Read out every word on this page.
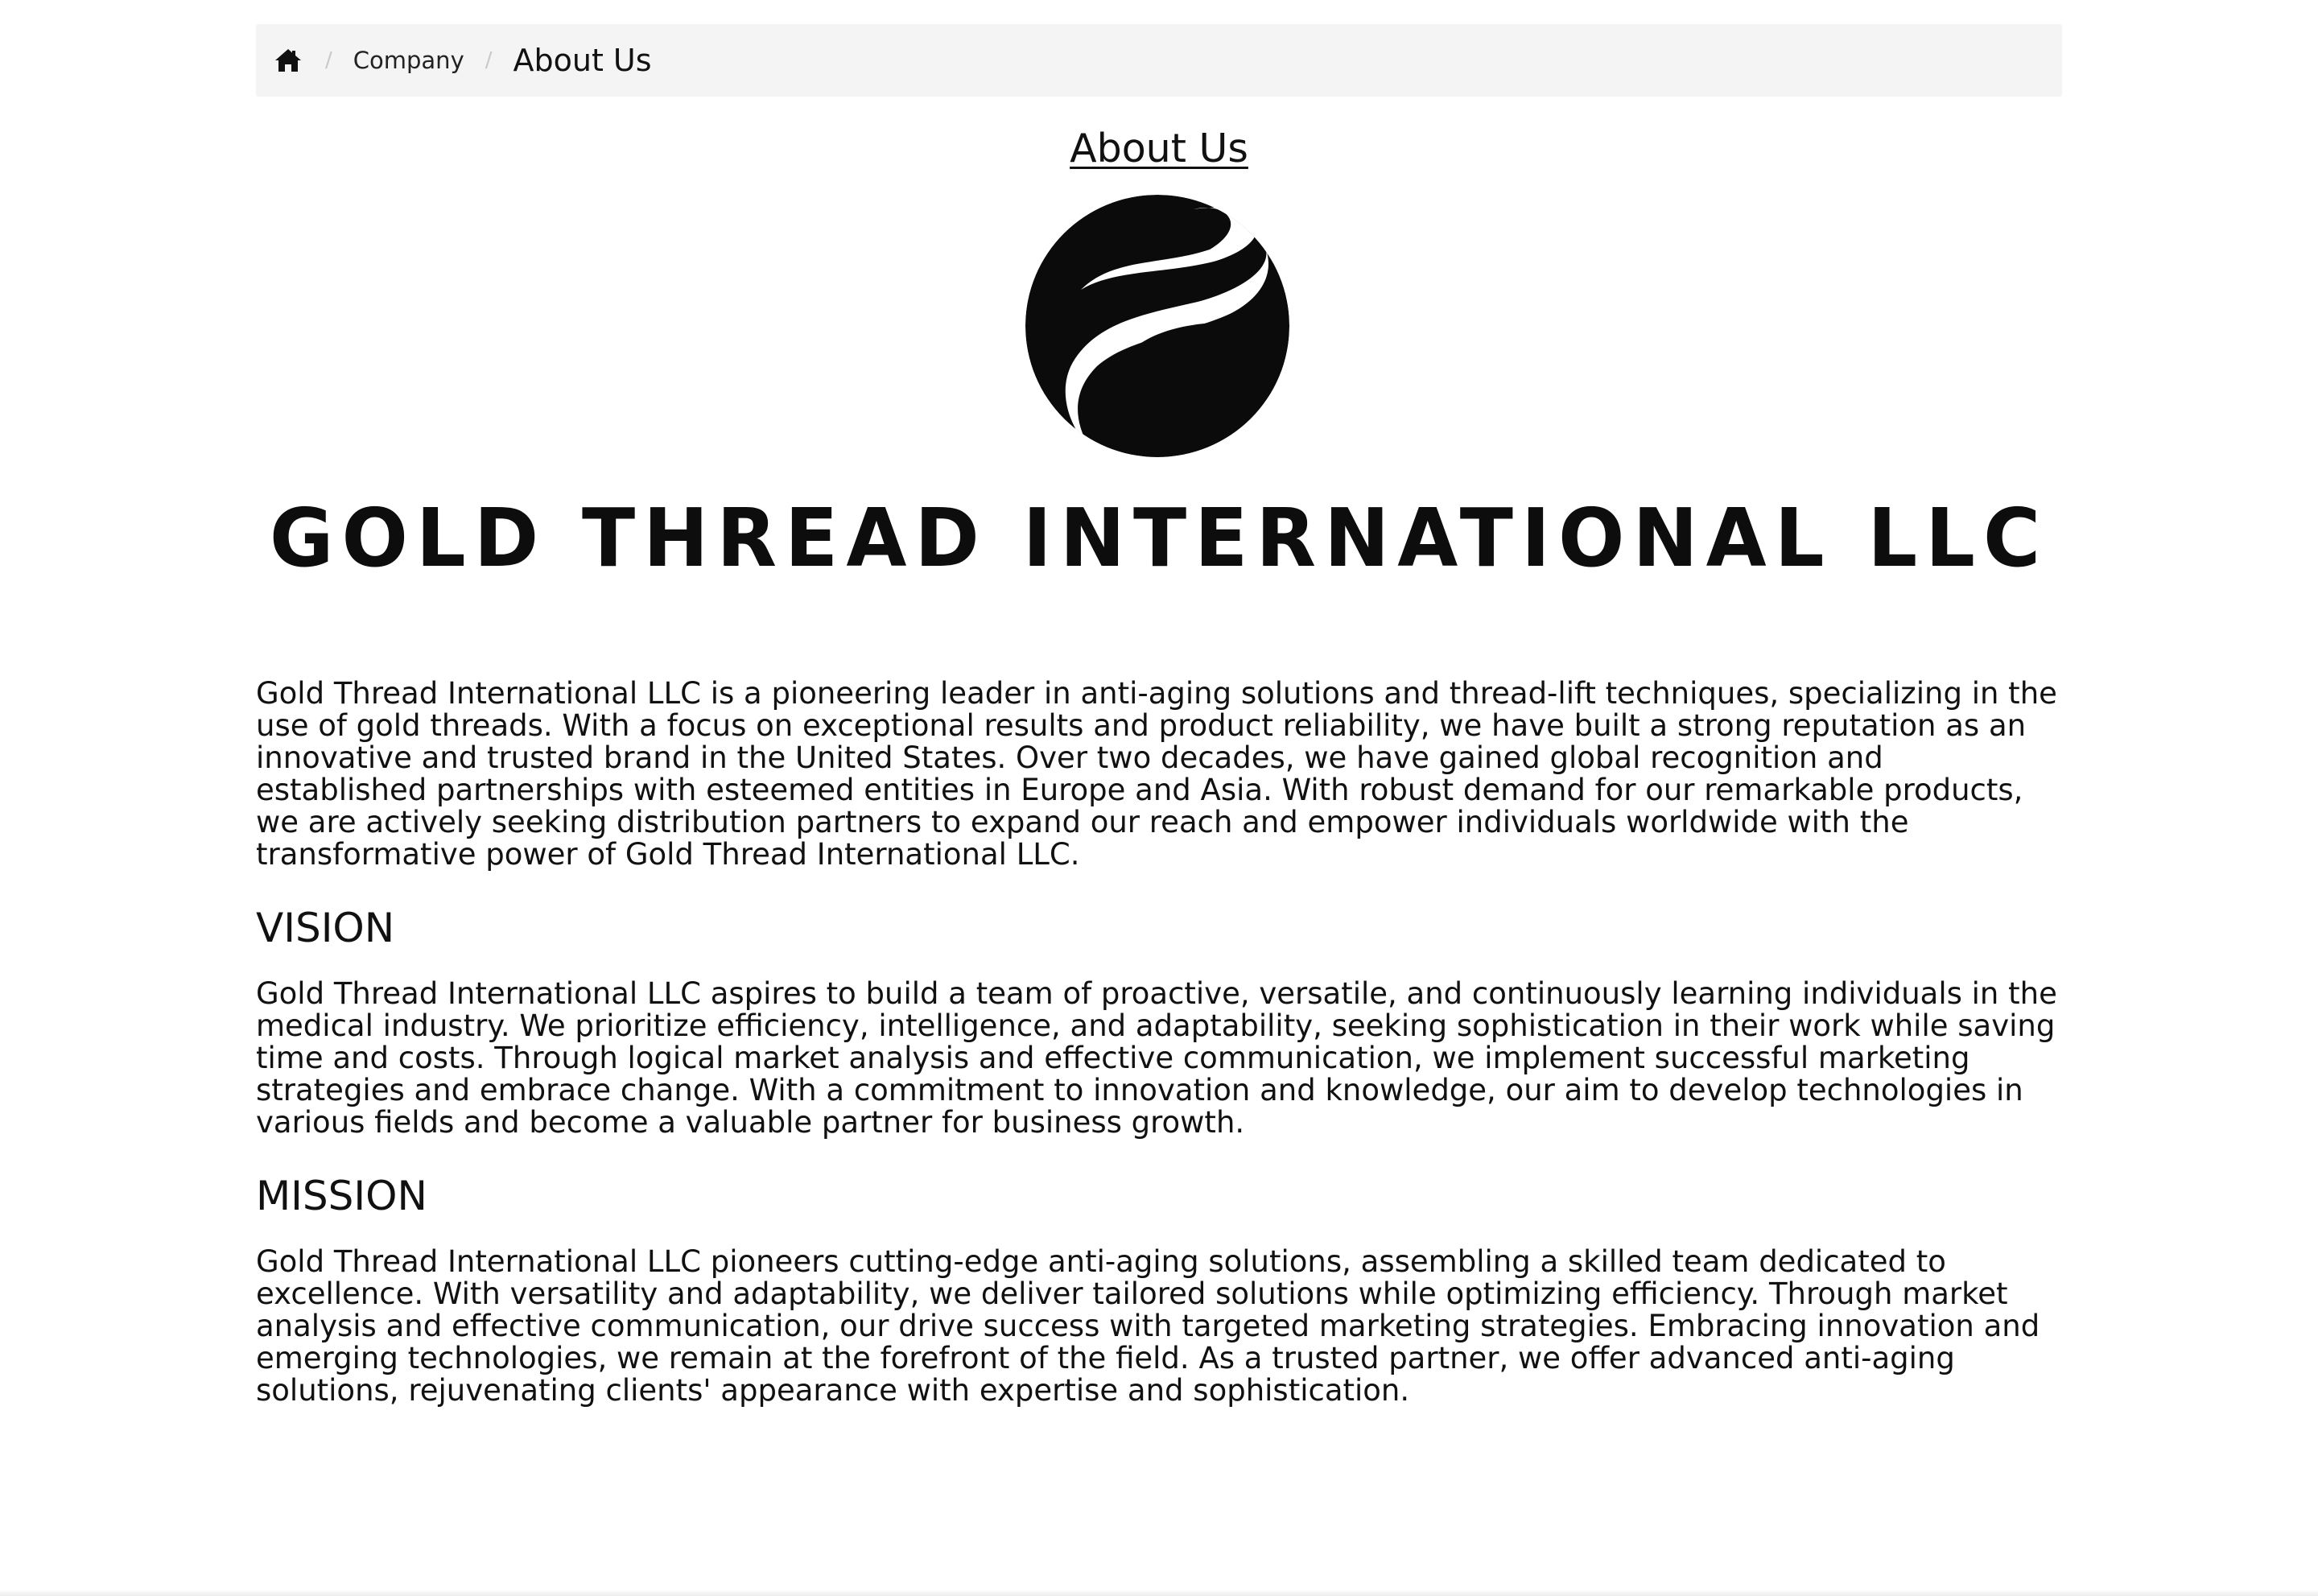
/ Company / About Us
About Us
GOLD THREAD INTERNATIONAL LLC

Gold Thread International LLC is a pioneering leader in anti-aging solutions and thread-lift techniques, specializing in the use of gold threads. With a focus on exceptional results and product reliability, we have built a strong reputation as an innovative and trusted brand in the United States. Over two decades, we have gained global recognition and established partnerships with esteemed entities in Europe and Asia. With robust demand for our remarkable products, we are actively seeking distribution partners to expand our reach and empower individuals worldwide with the transformative power of Gold Thread International LLC.

VISION

Gold Thread International LLC aspires to build a team of proactive, versatile, and continuously learning individuals in the medical industry. We prioritize efficiency, intelligence, and adaptability, seeking sophistication in their work while saving time and costs. Through logical market analysis and effective communication, we implement successful marketing strategies and embrace change. With a commitment to innovation and knowledge, our aim to develop technologies in various fields and become a valuable partner for business growth.

MISSION

Gold Thread International LLC pioneers cutting-edge anti-aging solutions, assembling a skilled team dedicated to excellence. With versatility and adaptability, we deliver tailored solutions while optimizing efficiency. Through market analysis and effective communication, our drive success with targeted marketing strategies. Embracing innovation and emerging technologies, we remain at the forefront of the field. As a trusted partner, we offer advanced anti-aging solutions, rejuvenating clients' appearance with expertise and sophistication.
